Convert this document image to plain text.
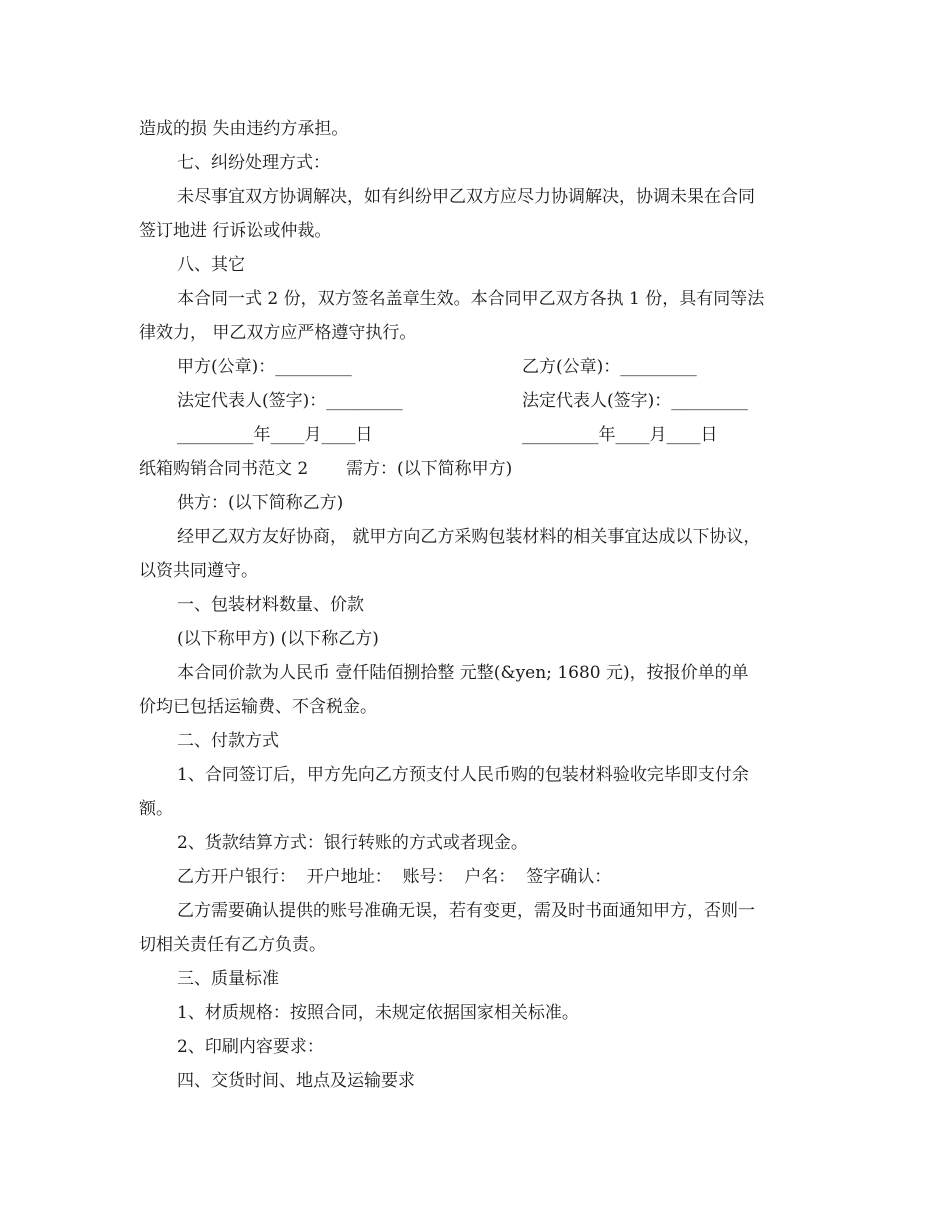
造成的损 失由违约方承担。
七、纠纷处理方式：
未尽事宜双方协调解决，如有纠纷甲乙双方应尽力协调解决，协调未果在合同
签订地进 行诉讼或仲裁。
八、其它
本合同一式 2 份，双方签名盖章生效。本合同甲乙双方各执 1 份，具有同等法
律效力， 甲乙双方应严格遵守执行。
甲方(公章)：_________	乙方(公章)：_________
法定代表人(签字)：_________	法定代表人(签字)：_________
_________年____月____日	_________年____月____日
纸箱购销合同书范文 2       需方：(以下简称甲方)
供方：(以下简称乙方)
经甲乙双方友好协商， 就甲方向乙方采购包装材料的相关事宜达成以下协议，
以资共同遵守。
一、包装材料数量、价款
(以下称甲方) (以下称乙方)
本合同价款为人民币 壹仟陆佰捌拾整 元整(&yen; 1680 元)，按报价单的单
价均已包括运输费、不含税金。
二、付款方式
1、合同签订后，甲方先向乙方预支付人民币购的包装材料验收完毕即支付余
额。
2、货款结算方式：银行转账的方式或者现金。
乙方开户银行：  开户地址：  账号：  户名：  签字确认：
乙方需要确认提供的账号准确无误，若有变更，需及时书面通知甲方，否则一
切相关责任有乙方负责。
三、质量标准
1、材质规格：按照合同，未规定依据国家相关标准。
2、印刷内容要求：
四、交货时间、地点及运输要求
